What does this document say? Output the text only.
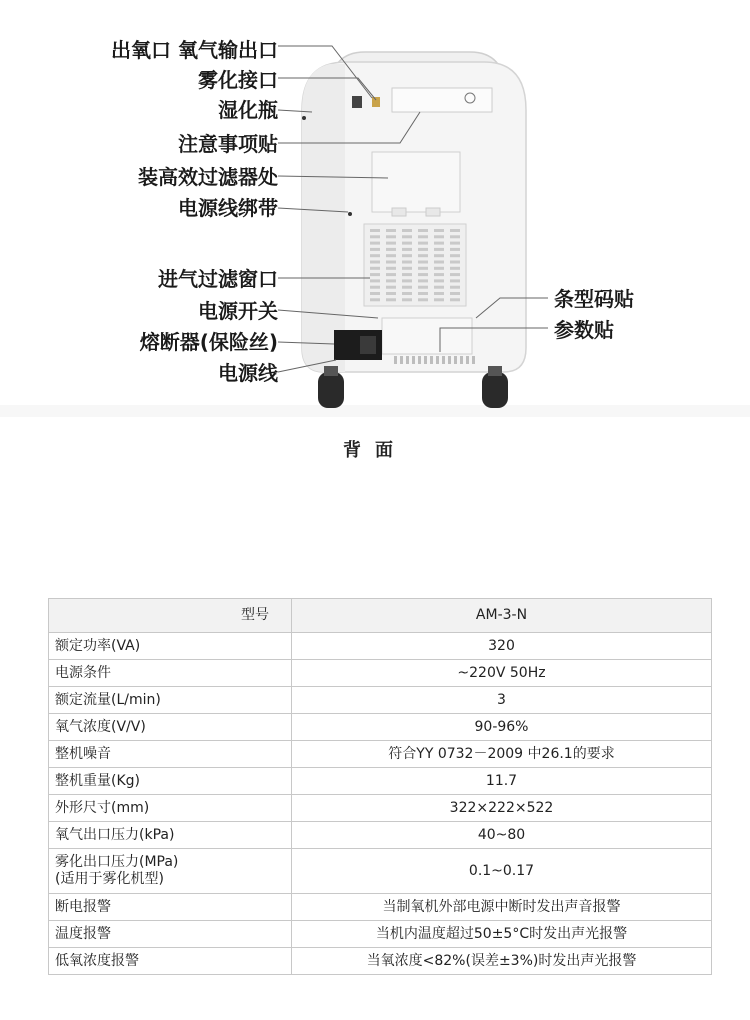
出氧口 氧气输出口
雾化接口
湿化瓶
注意事项贴
装高效过滤器处
电源线绑带
进气过滤窗口
电源开关
熔断器(保险丝)
电源线
条型码贴
参数贴
背面
型号	AM-3-N

额定功率(VA)	320

电源条件	~220V 50Hz

额定流量(L/min)	3

氧气浓度(V/V)	90-96%

整机噪音	符合YY 0732－2009 中26.1的要求

整机重量(Kg)	11.7

外形尺寸(mm)	322×222×522

氧气出口压力(kPa)	40~80

雾化出口压力(MPa)
(适用于雾化机型)	0.1~0.17

断电报警	当制氧机外部电源中断时发出声音报警

温度报警	当机内温度超过50±5°C时发出声光报警

低氧浓度报警	当氧浓度<82%(误差±3%)时发出声光报警
